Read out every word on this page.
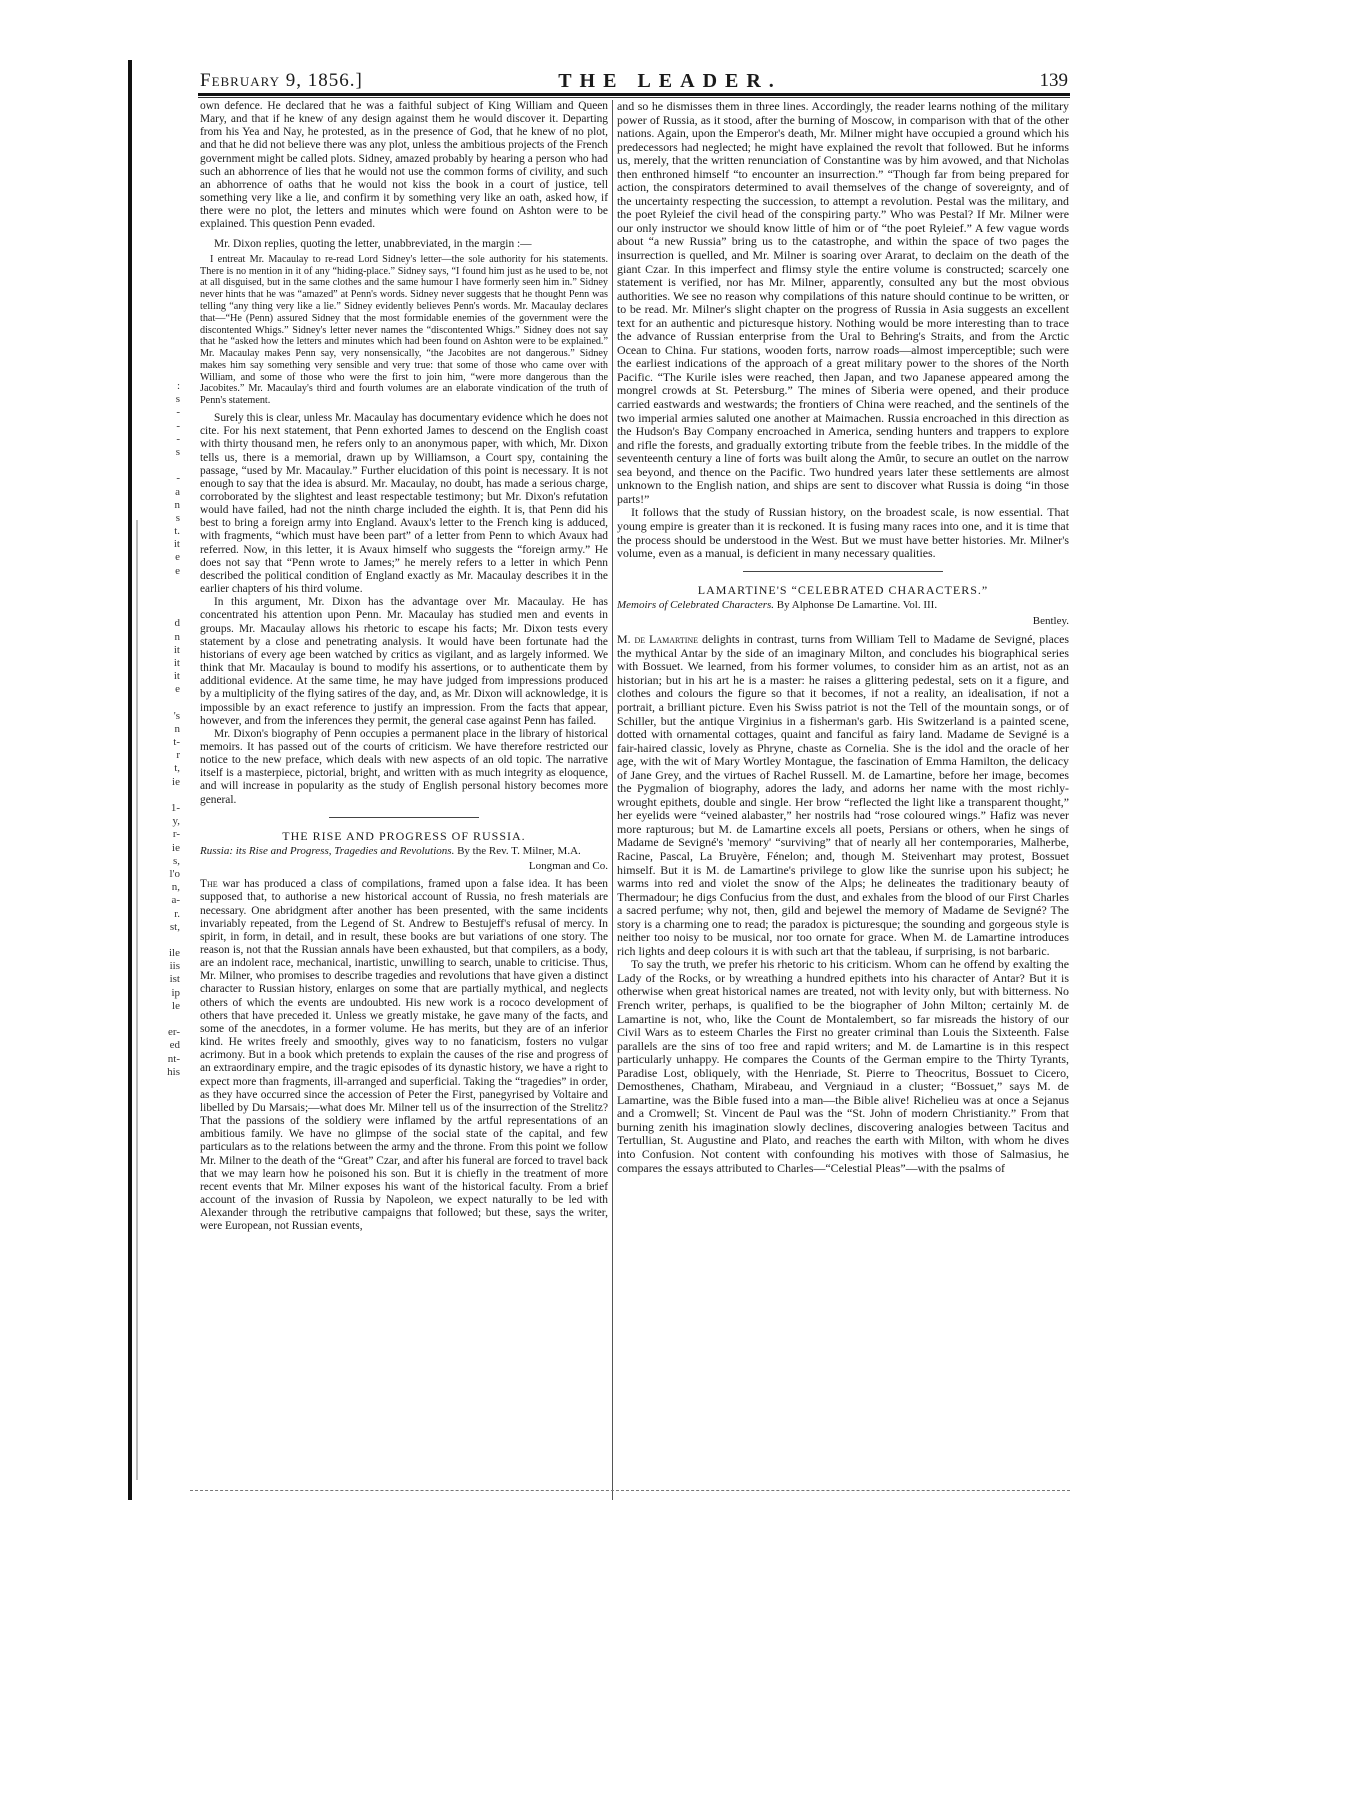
:
s
-
-
-
s
-
a
n
s
t.
it
e
e
d
n
it
it
it
e
's
n
t-
r
t,
ie
1-
y,
r-
ie
s,
l'o
n,
a-
r.
st,
ile
iis
ist
ip
le
er-
ed
nt-
his
February 9, 1856.]	THE LEADER.	139

own defence. He declared that he was a faithful subject of King William and Queen Mary, and that if he knew of any design against them he would discover it. Departing from his Yea and Nay, he protested, as in the presence of God, that he knew of no plot, and that he did not believe there was any plot, unless the ambitious projects of the French government might be called plots. Sidney, amazed probably by hearing a person who had such an abhorrence of lies that he would not use the common forms of civility, and such an abhorrence of oaths that he would not kiss the book in a court of justice, tell something very like a lie, and confirm it by something very like an oath, asked how, if there were no plot, the letters and minutes which were found on Ashton were to be explained. This question Penn evaded.

Mr. Dixon replies, quoting the letter, unabbreviated, in the margin :—

I entreat Mr. Macaulay to re-read Lord Sidney's letter—the sole authority for his statements. There is no mention in it of any “hiding-place.” Sidney says, “I found him just as he used to be, not at all disguised, but in the same clothes and the same humour I have formerly seen him in.” Sidney never hints that he was “amazed” at Penn's words. Sidney never suggests that he thought Penn was telling “any thing very like a lie.” Sidney evidently believes Penn's words. Mr. Macaulay declares that—“He (Penn) assured Sidney that the most formidable enemies of the government were the discontented Whigs.” Sidney's letter never names the “discontented Whigs.” Sidney does not say that he “asked how the letters and minutes which had been found on Ashton were to be explained.” Mr. Macaulay makes Penn say, very nonsensically, “the Jacobites are not dangerous.” Sidney makes him say something very sensible and very true: that some of those who came over with William, and some of those who were the first to join him, “were more dangerous than the Jacobites.” Mr. Macaulay's third and fourth volumes are an elaborate vindication of the truth of Penn's statement.

Surely this is clear, unless Mr. Macaulay has documentary evidence which he does not cite. For his next statement, that Penn exhorted James to descend on the English coast with thirty thousand men, he refers only to an anonymous paper, with which, Mr. Dixon tells us, there is a memorial, drawn up by Williamson, a Court spy, containing the passage, “used by Mr. Macaulay.” Further elucidation of this point is necessary. It is not enough to say that the idea is absurd. Mr. Macaulay, no doubt, has made a serious charge, corroborated by the slightest and least respectable testimony; but Mr. Dixon's refutation would have failed, had not the ninth charge included the eighth. It is, that Penn did his best to bring a foreign army into England. Avaux's letter to the French king is adduced, with fragments, “which must have been part” of a letter from Penn to which Avaux had referred. Now, in this letter, it is Avaux himself who suggests the “foreign army.” He does not say that “Penn wrote to James;” he merely refers to a letter in which Penn described the political condition of England exactly as Mr. Macaulay describes it in the earlier chapters of his third volume.

In this argument, Mr. Dixon has the advantage over Mr. Macaulay. He has concentrated his attention upon Penn. Mr. Macaulay has studied men and events in groups. Mr. Macaulay allows his rhetoric to escape his facts; Mr. Dixon tests every statement by a close and penetrating analysis. It would have been fortunate had the historians of every age been watched by critics as vigilant, and as largely informed. We think that Mr. Macaulay is bound to modify his assertions, or to authenticate them by additional evidence. At the same time, he may have judged from impressions produced by a multiplicity of the flying satires of the day, and, as Mr. Dixon will acknowledge, it is impossible by an exact reference to justify an impression. From the facts that appear, however, and from the inferences they permit, the general case against Penn has failed.

Mr. Dixon's biography of Penn occupies a permanent place in the library of historical memoirs. It has passed out of the courts of criticism. We have therefore restricted our notice to the new preface, which deals with new aspects of an old topic. The narrative itself is a masterpiece, pictorial, bright, and written with as much integrity as eloquence, and will increase in popularity as the study of English personal history becomes more general.

THE RISE AND PROGRESS OF RUSSIA.
Russia: its Rise and Progress, Tragedies and Revolutions. By the Rev. T. Milner, M.A.
Longman and Co.

The war has produced a class of compilations, framed upon a false idea. It has been supposed that, to authorise a new historical account of Russia, no fresh materials are necessary. One abridgment after another has been presented, with the same incidents invariably repeated, from the Legend of St. Andrew to Bestujeff's refusal of mercy. In spirit, in form, in detail, and in result, these books are but variations of one story. The reason is, not that the Russian annals have been exhausted, but that compilers, as a body, are an indolent race, mechanical, inartistic, unwilling to search, unable to criticise. Thus, Mr. Milner, who promises to describe tragedies and revolutions that have given a distinct character to Russian history, enlarges on some that are partially mythical, and neglects others of which the events are undoubted. His new work is a rococo development of others that have preceded it. Unless we greatly mistake, he gave many of the facts, and some of the anecdotes, in a former volume. He has merits, but they are of an inferior kind. He writes freely and smoothly, gives way to no fanaticism, fosters no vulgar acrimony. But in a book which pretends to explain the causes of the rise and progress of an extraordinary empire, and the tragic episodes of its dynastic history, we have a right to expect more than fragments, ill-arranged and superficial. Taking the “tragedies” in order, as they have occurred since the accession of Peter the First, panegyrised by Voltaire and libelled by Du Marsais;—what does Mr. Milner tell us of the insurrection of the Strelitz? That the passions of the soldiery were inflamed by the artful representations of an ambitious family. We have no glimpse of the social state of the capital, and few particulars as to the relations between the army and the throne. From this point we follow Mr. Milner to the death of the “Great” Czar, and after his funeral are forced to travel back that we may learn how he poisoned his son. But it is chiefly in the treatment of more recent events that Mr. Milner exposes his want of the historical faculty. From a brief account of the invasion of Russia by Napoleon, we expect naturally to be led with Alexander through the retributive campaigns that followed; but these, says the writer, were European, not Russian events,

and so he dismisses them in three lines. Accordingly, the reader learns nothing of the military power of Russia, as it stood, after the burning of Moscow, in comparison with that of the other nations. Again, upon the Emperor's death, Mr. Milner might have occupied a ground which his predecessors had neglected; he might have explained the revolt that followed. But he informs us, merely, that the written renunciation of Constantine was by him avowed, and that Nicholas then enthroned himself “to encounter an insurrection.” “Though far from being prepared for action, the conspirators determined to avail themselves of the change of sovereignty, and of the uncertainty respecting the succession, to attempt a revolution. Pestal was the military, and the poet Ryleief the civil head of the conspiring party.” Who was Pestal? If Mr. Milner were our only instructor we should know little of him or of “the poet Ryleief.” A few vague words about “a new Russia” bring us to the catastrophe, and within the space of two pages the insurrection is quelled, and Mr. Milner is soaring over Ararat, to declaim on the death of the giant Czar. In this imperfect and flimsy style the entire volume is constructed; scarcely one statement is verified, nor has Mr. Milner, apparently, consulted any but the most obvious authorities. We see no reason why compilations of this nature should continue to be written, or to be read. Mr. Milner's slight chapter on the progress of Russia in Asia suggests an excellent text for an authentic and picturesque history. Nothing would be more interesting than to trace the advance of Russian enterprise from the Ural to Behring's Straits, and from the Arctic Ocean to China. Fur stations, wooden forts, narrow roads—almost imperceptible; such were the earliest indications of the approach of a great military power to the shores of the North Pacific. “The Kurile isles were reached, then Japan, and two Japanese appeared among the mongrel crowds at St. Petersburg.” The mines of Siberia were opened, and their produce carried eastwards and westwards; the frontiers of China were reached, and the sentinels of the two imperial armies saluted one another at Maimachen. Russia encroached in this direction as the Hudson's Bay Company encroached in America, sending hunters and trappers to explore and rifle the forests, and gradually extorting tribute from the feeble tribes. In the middle of the seventeenth century a line of forts was built along the Amûr, to secure an outlet on the narrow sea beyond, and thence on the Pacific. Two hundred years later these settlements are almost unknown to the English nation, and ships are sent to discover what Russia is doing “in those parts!”

It follows that the study of Russian history, on the broadest scale, is now essential. That young empire is greater than it is reckoned. It is fusing many races into one, and it is time that the process should be understood in the West. But we must have better histories. Mr. Milner's volume, even as a manual, is deficient in many necessary qualities.

LAMARTINE'S “CELEBRATED CHARACTERS.”
Memoirs of Celebrated Characters. By Alphonse De Lamartine. Vol. III.
Bentley.

M. de Lamartine delights in contrast, turns from William Tell to Madame de Sevigné, places the mythical Antar by the side of an imaginary Milton, and concludes his biographical series with Bossuet. We learned, from his former volumes, to consider him as an artist, not as an historian; but in his art he is a master: he raises a glittering pedestal, sets on it a figure, and clothes and colours the figure so that it becomes, if not a reality, an idealisation, if not a portrait, a brilliant picture. Even his Swiss patriot is not the Tell of the mountain songs, or of Schiller, but the antique Virginius in a fisherman's garb. His Switzerland is a painted scene, dotted with ornamental cottages, quaint and fanciful as fairy land. Madame de Sevigné is a fair-haired classic, lovely as Phryne, chaste as Cornelia. She is the idol and the oracle of her age, with the wit of Mary Wortley Montague, the fascination of Emma Hamilton, the delicacy of Jane Grey, and the virtues of Rachel Russell. M. de Lamartine, before her image, becomes the Pygmalion of biography, adores the lady, and adorns her name with the most richly-wrought epithets, double and single. Her brow “reflected the light like a transparent thought,” her eyelids were “veined alabaster,” her nostrils had “rose coloured wings.” Hafiz was never more rapturous; but M. de Lamartine excels all poets, Persians or others, when he sings of Madame de Sevigné's 'memory' “surviving” that of nearly all her contemporaries, Malherbe, Racine, Pascal, La Bruyère, Fénelon; and, though M. Steivenhart may protest, Bossuet himself. But it is M. de Lamartine's privilege to glow like the sunrise upon his subject; he warms into red and violet the snow of the Alps; he delineates the traditionary beauty of Thermadour; he digs Confucius from the dust, and exhales from the blood of our First Charles a sacred perfume; why not, then, gild and bejewel the memory of Madame de Sevigné? The story is a charming one to read; the paradox is picturesque; the sounding and gorgeous style is neither too noisy to be musical, nor too ornate for grace. When M. de Lamartine introduces rich lights and deep colours it is with such art that the tableau, if surprising, is not barbaric.

To say the truth, we prefer his rhetoric to his criticism. Whom can he offend by exalting the Lady of the Rocks, or by wreathing a hundred epithets into his character of Antar? But it is otherwise when great historical names are treated, not with levity only, but with bitterness. No French writer, perhaps, is qualified to be the biographer of John Milton; certainly M. de Lamartine is not, who, like the Count de Montalembert, so far misreads the history of our Civil Wars as to esteem Charles the First no greater criminal than Louis the Sixteenth. False parallels are the sins of too free and rapid writers; and M. de Lamartine is in this respect particularly unhappy. He compares the Counts of the German empire to the Thirty Tyrants, Paradise Lost, obliquely, with the Henriade, St. Pierre to Theocritus, Bossuet to Cicero, Demosthenes, Chatham, Mirabeau, and Vergniaud in a cluster; “Bossuet,” says M. de Lamartine, was the Bible fused into a man—the Bible alive! Richelieu was at once a Sejanus and a Cromwell; St. Vincent de Paul was the “St. John of modern Christianity.” From that burning zenith his imagination slowly declines, discovering analogies between Tacitus and Tertullian, St. Augustine and Plato, and reaches the earth with Milton, with whom he dives into Confusion. Not content with confounding his motives with those of Salmasius, he compares the essays attributed to Charles—“Celestial Pleas”—with the psalms of
